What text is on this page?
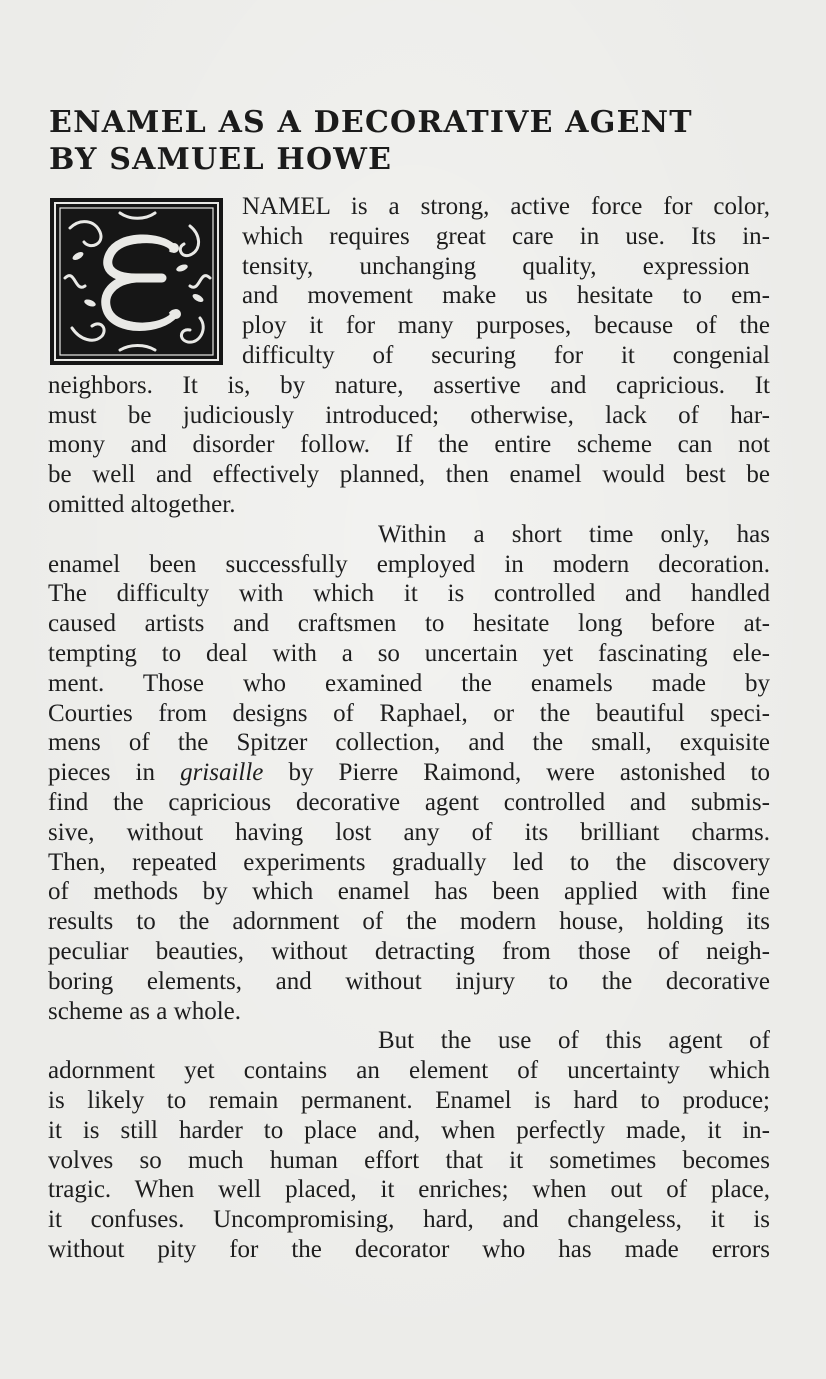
ENAMEL AS A DECORATIVE AGENT
BY SAMUEL HOWE
NAMEL is a strong, active force for color,
which requires great care in use. Its in-
tensity, unchanging quality, expression
and movement make us hesitate to em-
ploy it for many purposes, because of the
difficulty of securing for it congenial
neighbors. It is, by nature, assertive and capricious. It
must be judiciously introduced; otherwise, lack of har-
mony and disorder follow. If the entire scheme can not
be well and effectively planned, then enamel would best be
omitted altogether.
Within a short time only, has
enamel been successfully employed in modern decoration.
The difficulty with which it is controlled and handled
caused artists and craftsmen to hesitate long before at-
tempting to deal with a so uncertain yet fascinating ele-
ment. Those who examined the enamels made by
Courties from designs of Raphael, or the beautiful speci-
mens of the Spitzer collection, and the small, exquisite
pieces in grisaille by Pierre Raimond, were astonished to
find the capricious decorative agent controlled and submis-
sive, without having lost any of its brilliant charms.
Then, repeated experiments gradually led to the discovery
of methods by which enamel has been applied with fine
results to the adornment of the modern house, holding its
peculiar beauties, without detracting from those of neigh-
boring elements, and without injury to the decorative
scheme as a whole.
But the use of this agent of
adornment yet contains an element of uncertainty which
is likely to remain permanent. Enamel is hard to produce;
it is still harder to place and, when perfectly made, it in-
volves so much human effort that it sometimes becomes
tragic. When well placed, it enriches; when out of place,
it confuses. Uncompromising, hard, and changeless, it is
without pity for the decorator who has made errors
